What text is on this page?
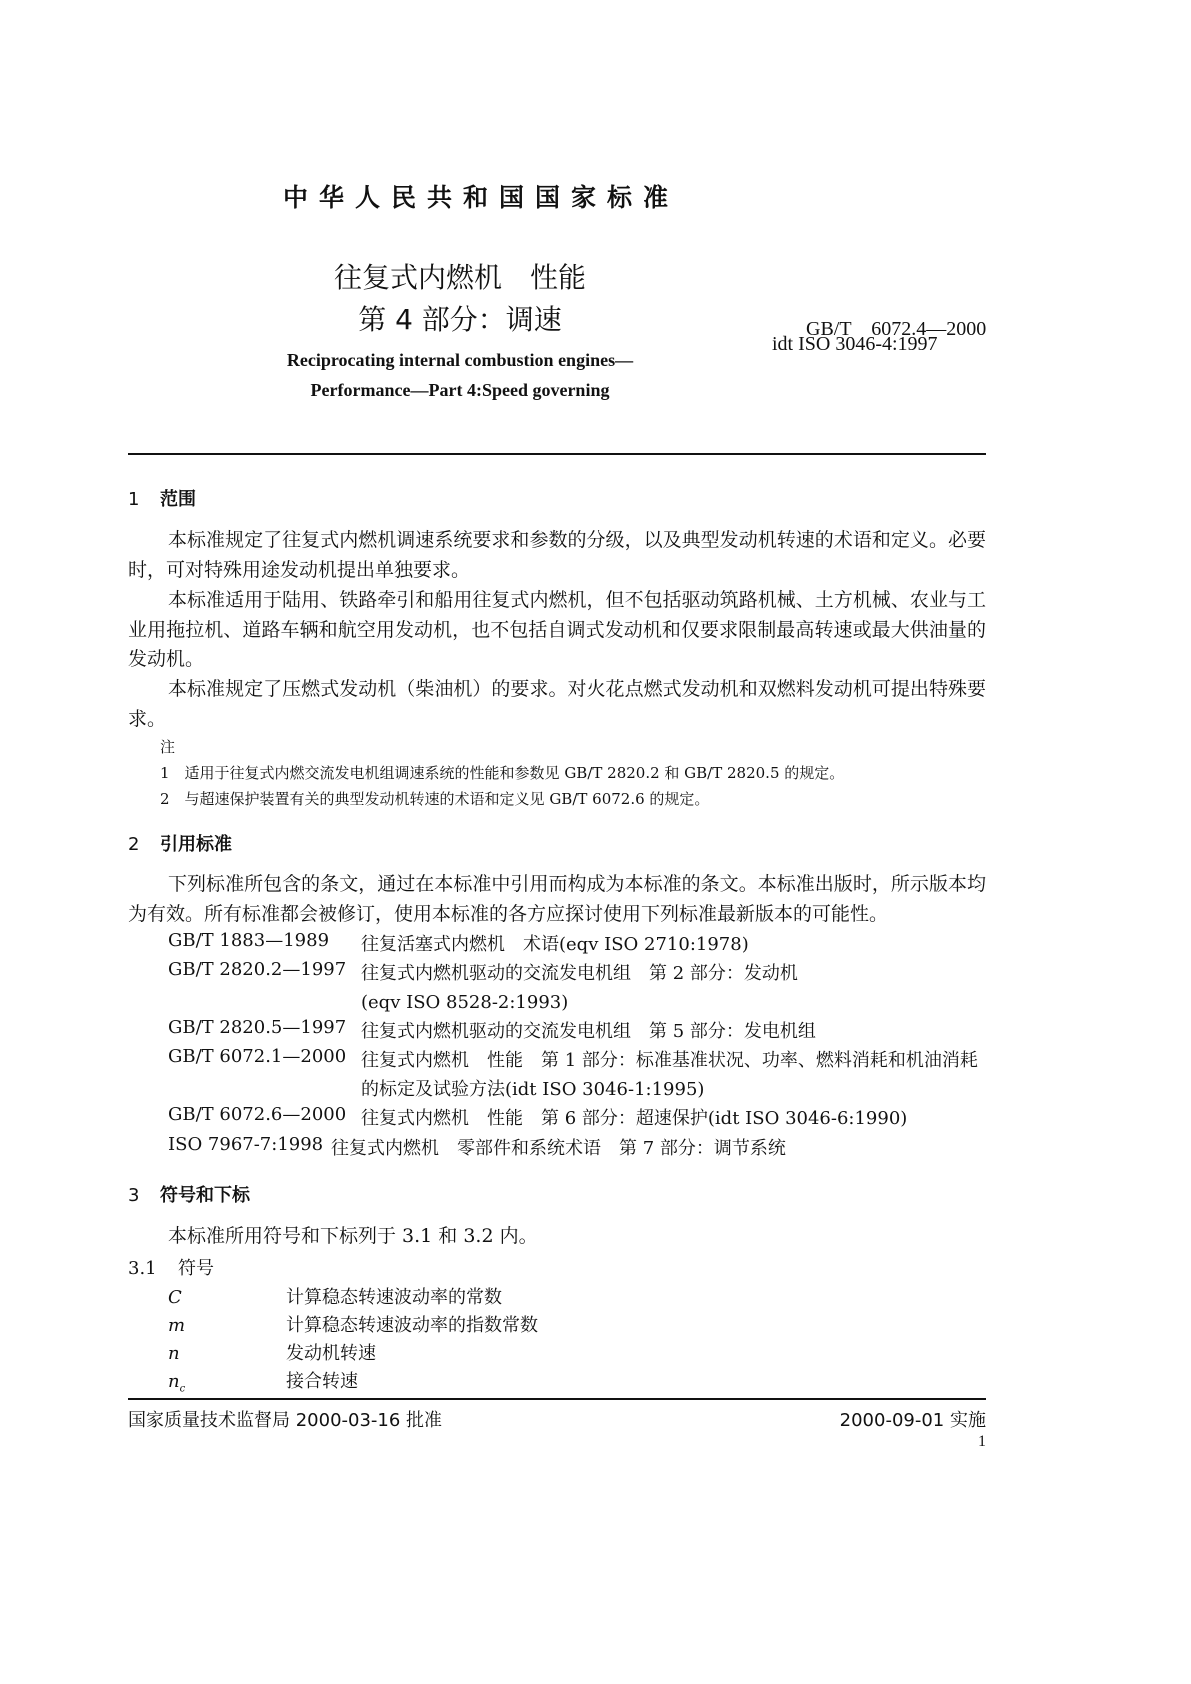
中华人民共和国国家标准
往复式内燃机　性能
第 4 部分：调速	GB/T　6072.4—2000
idt ISO 3046-4:1997
Reciprocating internal combustion engines—
Performance—Part 4:Speed governing
1 范围
本标准规定了往复式内燃机调速系统要求和参数的分级，以及典型发动机转速的术语和定义。必要时，可对特殊用途发动机提出单独要求。
本标准适用于陆用、铁路牵引和船用往复式内燃机，但不包括驱动筑路机械、土方机械、农业与工业用拖拉机、道路车辆和航空用发动机，也不包括自调式发动机和仅要求限制最高转速或最大供油量的发动机。
本标准规定了压燃式发动机（柴油机）的要求。对火花点燃式发动机和双燃料发动机可提出特殊要求。
注
1　适用于往复式内燃交流发电机组调速系统的性能和参数见 GB/T 2820.2 和 GB/T 2820.5 的规定。
2　与超速保护装置有关的典型发动机转速的术语和定义见 GB/T 6072.6 的规定。
2 引用标准
下列标准所包含的条文，通过在本标准中引用而构成为本标准的条文。本标准出版时，所示版本均为有效。所有标准都会被修订，使用本标准的各方应探讨使用下列标准最新版本的可能性。
GB/T 1883—1989 往复活塞式内燃机　术语(eqv ISO 2710:1978)
GB/T 2820.2—1997 往复式内燃机驱动的交流发电机组　第 2 部分：发动机 (eqv ISO 8528-2:1993)
GB/T 2820.5—1997 往复式内燃机驱动的交流发电机组　第 5 部分：发电机组
GB/T 6072.1—2000 往复式内燃机　性能　第 1 部分：标准基准状况、功率、燃料消耗和机油消耗的标定及试验方法(idt ISO 3046-1:1995)
GB/T 6072.6—2000 往复式内燃机　性能　第 6 部分：超速保护(idt ISO 3046-6:1990)
ISO 7967-7:1998 往复式内燃机　零部件和系统术语　第 7 部分：调节系统
3 符号和下标
本标准所用符号和下标列于 3.1 和 3.2 内。
3.1 符号
C	计算稳态转速波动率的常数
m	计算稳态转速波动率的指数常数
n	发动机转速
$n_c$	接合转速
国家质量技术监督局 2000-03-16 批准	2000-09-01 实施
1
